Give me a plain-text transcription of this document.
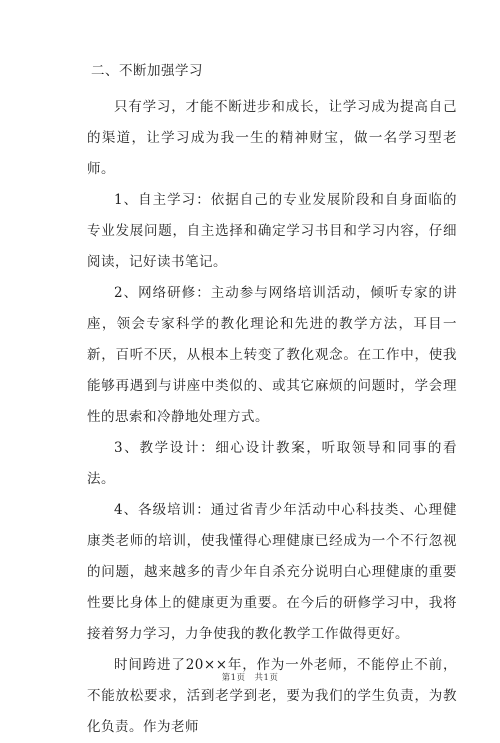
二、不断加强学习

只有学习，才能不断进步和成长，让学习成为提高自己的渠道，让学习成为我一生的精神财宝，做一名学习型老师。

1、自主学习：依据自己的专业发展阶段和自身面临的专业发展问题，自主选择和确定学习书目和学习内容，仔细阅读，记好读书笔记。

2、网络研修：主动参与网络培训活动，倾听专家的讲座，领会专家科学的教化理论和先进的教学方法，耳目一新，百听不厌，从根本上转变了教化观念。在工作中，使我能够再遇到与讲座中类似的、或其它麻烦的问题时，学会理性的思索和冷静地处理方式。

3、教学设计：细心设计教案，听取领导和同事的看法。

4、各级培训：通过省青少年活动中心科技类、心理健康类老师的培训，使我懂得心理健康已经成为一个不行忽视的问题，越来越多的青少年自杀充分说明白心理健康的重要性要比身体上的健康更为重要。在今后的研修学习中，我将接着努力学习，力争使我的教化教学工作做得更好。

时间跨进了20××年，作为一外老师，不能停止不前，不能放松要求，活到老学到老，要为我们的学生负责，为教化负责。作为老师

第1页　共1页
